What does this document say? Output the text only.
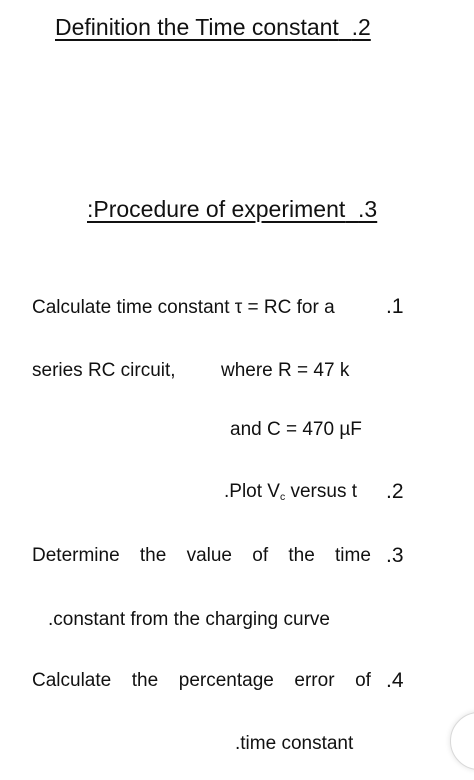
Definition the Time constant .2
:Procedure of experiment .3
Calculate time constant τ = RC for a .1
series RC circuit, where R = 47 k
and C = 470 µF
.Plot $V_c$ versus t .2
Determine the value of the time .3
.constant from the charging curve
Calculate the percentage error of .4
.time constant
